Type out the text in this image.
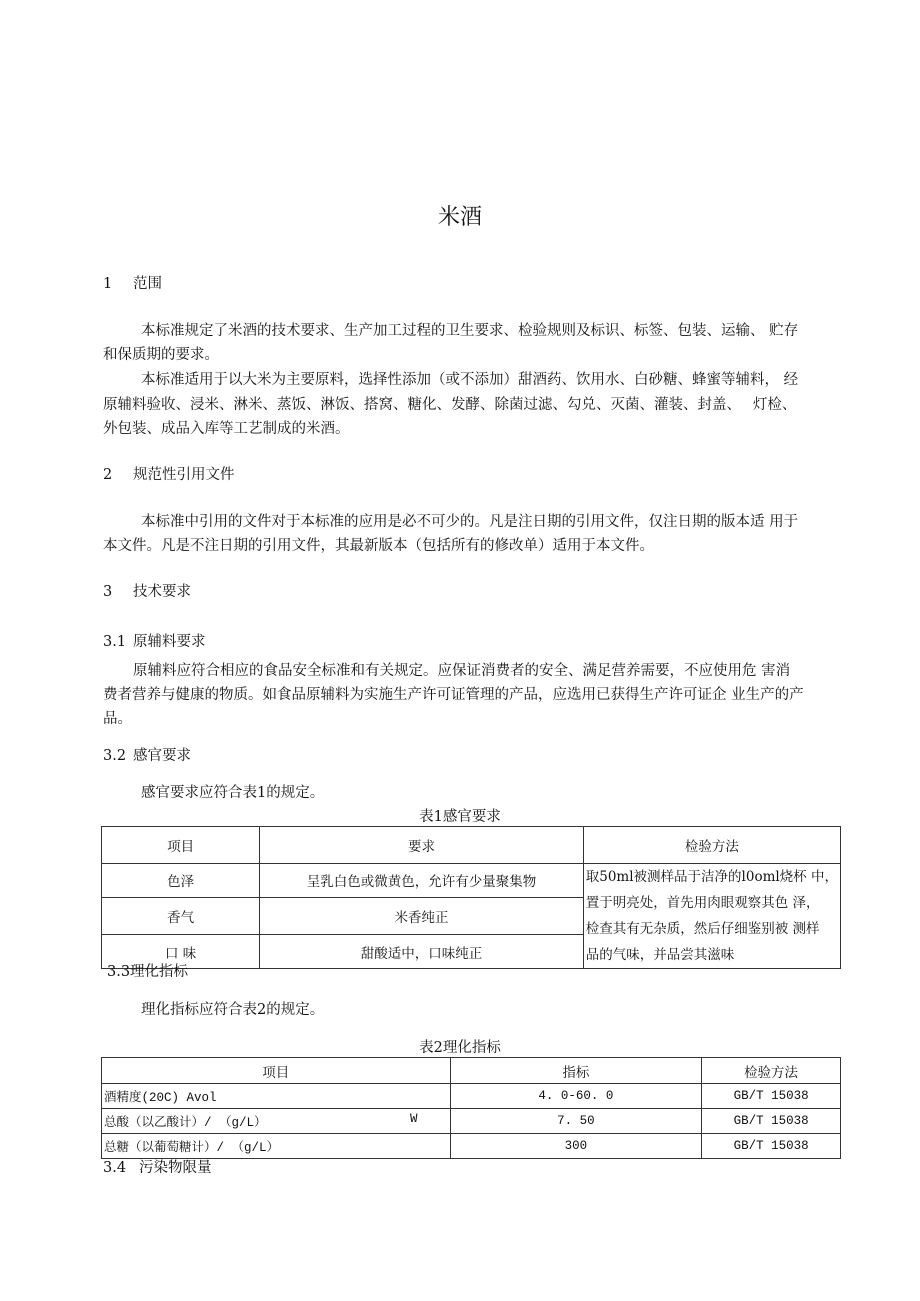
米酒
1 范围
本标准规定了米酒的技术要求、生产加工过程的卫生要求、检验规则及标识、标签、包装、运输、 贮存
和保质期的要求。
本标准适用于以大米为主要原料，选择性添加（或不添加）甜酒药、饮用水、白砂糖、蜂蜜等辅料， 经
原辅料验收、浸米、淋米、蒸饭、淋饭、搭窝、糖化、发酵、除菌过滤、勾兑、灭菌、灌装、封盖、　 灯检、
外包装、成品入库等工艺制成的米酒。
2 规范性引用文件
本标准中引用的文件对于本标准的应用是必不可少的。凡是注日期的引用文件，仅注日期的版本适 用于
本文件。凡是不注日期的引用文件，其最新版本（包括所有的修改单）适用于本文件。
3 技术要求
3.1 原辅料要求
原辅料应符合相应的食品安全标准和有关规定。应保证消费者的安全、满足营养需要，不应使用危 害消
费者营养与健康的物质。如食品原辅料为实施生产许可证管理的产品，应选用已获得生产许可证企 业生产的产
品。
3.2 感官要求
感官要求应符合表1的规定。
表1感官要求
项目	要求	检验方法
色泽	呈乳白色或微黄色，允许有少量聚集物	取50ml被测样品于洁净的l0oml烧杯 中，
置于明亮处，首先用肉眼观察其色 泽，
检查其有无杂质，然后仔细鉴别被 测样
品的气味，并品尝其滋味

香气	米香纯正	
口 味	甜酸适中，口味纯正	
3.3理化指标
理化指标应符合表2的规定。
表2理化指标
项目	指标	检验方法
酒精度(20C) Avol	4. 0-60. 0	GB/T 15038
总酸（以乙酸计）/ （g/L） W	7. 50	GB/T 15038
总糖（以葡萄糖计）/ （g/L）	300	GB/T 15038
3.4 污染物限量
